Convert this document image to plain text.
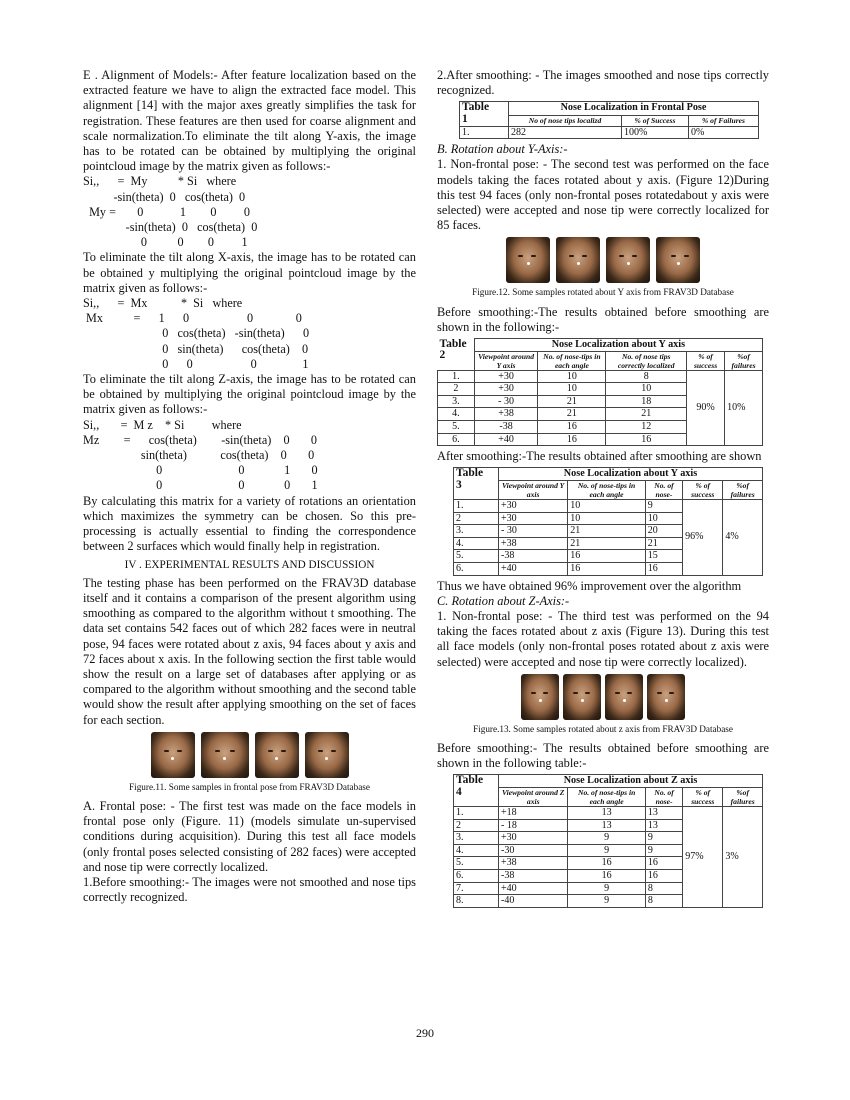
E . Alignment of Models:- After feature localization based on the extracted feature we have to align the extracted face model. This alignment [14] with the major axes greatly simplifies the task for registration. These features are then used for coarse alignment and scale normalization.To eliminate the tilt along Y-axis, the image has to be rotated can be obtained by multiplying the original pointcloud image by the matrix given as follows:-

Si,,      =  My          * Si   where
-sin(theta)  0   cos(theta)  0
My =       0            1        0         0
-sin(theta)  0   cos(theta)  0
0          0        0         1

To eliminate the tilt along X-axis, the image has to be rotated can be obtained y multiplying the original pointcloud image by the matrix given as follows:-

Si,,      =  Mx           *  Si   where
Mx          =      1      0                   0              0
0   cos(theta)   -sin(theta)      0
0   sin(theta)      cos(theta)    0
0      0                   0               1

To eliminate the tilt along Z-axis, the image has to be rotated can be obtained by multiplying the original pointcloud image by the matrix given as follows:-

Si,,       =  M z    * Si         where
Mz        =      cos(theta)        -sin(theta)    0       0
sin(theta)           cos(theta)    0       0
0                         0             1       0
0                         0             0       1

By calculating this matrix for a variety of rotations an orientation which maximizes the symmetry can be chosen. So this pre-processing is actually essential to finding the correspondence between 2 surfaces which would finally help in registration.

IV . EXPERIMENTAL RESULTS AND DISCUSSION

The testing phase has been performed on the FRAV3D database itself and it contains a comparison of the present algorithm using smoothing as compared to the algorithm without t smoothing. The data set contains 542 faces out of which 282 faces were in neutral pose, 94 faces were rotated about z axis, 94 faces about y axis and 72 faces about x axis. In the following section the first table would show the result on a large set of databases after applying or as compared to the algorithm without smoothing and the second table would show the result after applying smoothing on the set of faces for each section.

Figure.11. Some samples in frontal pose from FRAV3D Database

A. Frontal pose: - The first test was made on the face models in frontal pose only (Figure. 11) (models simulate un-supervised conditions during acquisition). During this test all face models (only frontal poses selected consisting of 282 faces) were accepted and nose tip were correctly localized.

1.Before smoothing:- The images were not smoothed and nose tips correctly recognized.

2.After smoothing: - The images smoothed and nose tips correctly recognized.

Table
1	Nose Localization in Frontal Pose		
	No of nose tips localizd	% of Success	% of Failures
1.	282	100%	0%

B. Rotation about Y-Axis:-

1. Non-frontal pose: - The second test was performed on the face models taking the faces rotated about y axis. (Figure 12)During this test 94 faces (only non-frontal poses rotatedabout y axis were selected) were accepted and nose tip were correctly localized for 85 faces.

Figure.12. Some samples rotated about Y axis from FRAV3D Database

Before smoothing:-The results obtained before smoothing are shown in the following:-

Table 2	Nose Localization about Y axis				
	Viewpoint around Y axis	No. of nose-tips in each angle	No. of nose tips correctly localized	% of success	%of failures
1.	+30	10	8	90%	10%
2	+30	10	10		
3.	- 30	21	18		
4.	+38	21	21		
5.	-38	16	12		
6.	+40	16	16		

After smoothing:-The results obtained after smoothing are shown

Table
3	Nose Localization about Y axis				
	Viewpoint around Y axis	No. of nose-tips in each angle	No. of nose-	% of success	%of failures
1.	+30	10	9	96%	4%
2	+30	10	10		
3.	- 30	21	20		
4.	+38	21	21		
5.	-38	16	15		
6.	+40	16	16		

Thus we have obtained 96% improvement over the algorithm

C. Rotation about Z-Axis:-

1. Non-frontal pose: - The third test was performed on the 94 taking the faces rotated about z axis (Figure 13). During this test all face models (only non-frontal poses rotated about z axis were selected) were accepted and nose tip were correctly localized).

Figure.13. Some samples rotated about z axis from FRAV3D Database

Before smoothing:- The results obtained before smoothing are shown in the following table:-

Table
4	Nose Localization about Z axis				
	Viewpoint around Z axis	No. of nose-tips in each angle	No. of nose-	% of success	%of failures
1.	+18	13	13	97%	3%
2	- 18	13	13		
3.	+30	9	9		
4.	-30	9	9		
5.	+38	16	16		
6.	-38	16	16		
7.	+40	9	8		
8.	-40	9	8		
290
